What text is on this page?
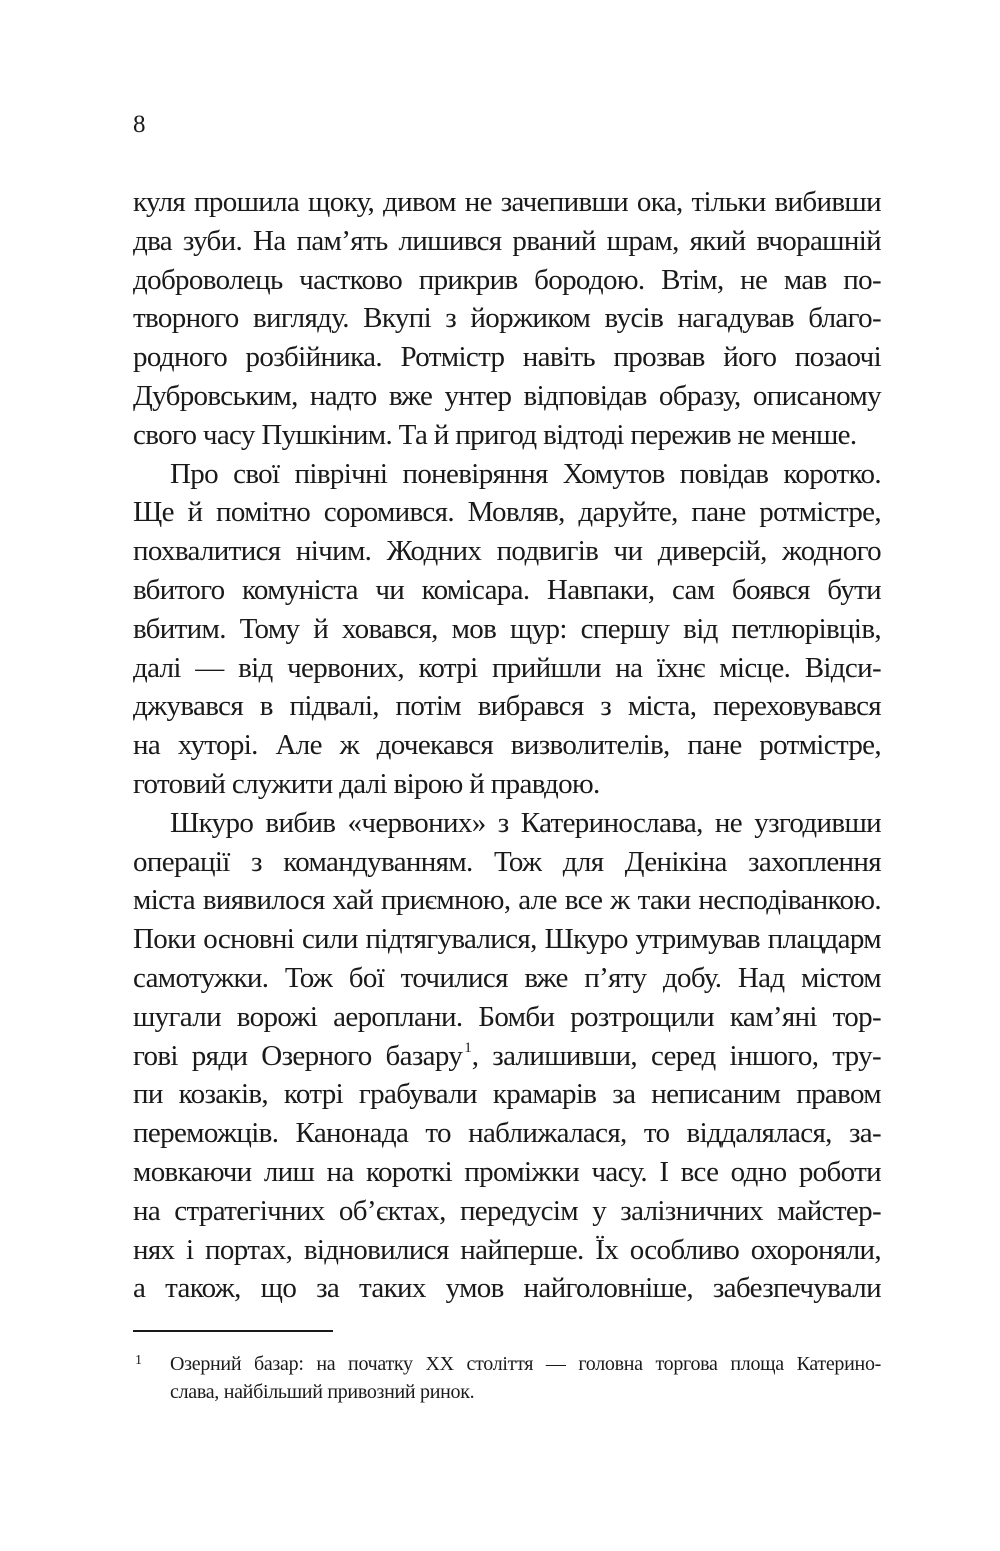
8
куля прошила щоку, дивом не зачепивши ока, тільки вибивши
два зуби. На пам’ять лишився рваний шрам, який вчорашній
доброволець частково прикрив бородою. Втім, не мав по-
творного вигляду. Вкупі з йоржиком вусів нагадував благо-
родного розбійника. Ротмістр навіть прозвав його позаочі
Дубровським, надто вже унтер відповідав образу, описаному
свого часу Пушкіним. Та й пригод відтоді пережив не менше.
Про свої піврічні поневіряння Хомутов повідав коротко.
Ще й помітно соромився. Мовляв, даруйте, пане ротмістре,
похвалитися нічим. Жодних подвигів чи диверсій, жодного
вбитого комуніста чи комісара. Навпаки, сам боявся бути
вбитим. Тому й ховався, мов щур: спершу від петлюрівців,
далі — від червоних, котрі прийшли на їхнє місце. Відси-
джувався в підвалі, потім вибрався з міста, переховувався
на хуторі. Але ж дочекався визволителів, пане ротмістре,
готовий служити далі вірою й правдою.
Шкуро вибив «червоних» з Катеринослава, не узгодивши
операції з командуванням. Тож для Денікіна захоплення
міста виявилося хай приємною, але все ж таки несподіванкою.
Поки основні сили підтягувалися, Шкуро утримував плацдарм
самотужки. Тож бої точилися вже п’яту добу. Над містом
шугали ворожі аероплани. Бомби розтрощили кам’яні тор-
гові ряди Озерного базару $^1$, залишивши, серед іншого, тру-
пи козаків, котрі грабували крамарів за неписаним правом
переможців. Канонада то наближалася, то віддалялася, за-
мовкаючи лиш на короткі проміжки часу. І все одно роботи
на стратегічних об’єктах, передусім у залізничних майстер-
нях і портах, відновилися найперше. Їх особливо охороняли,
а також, що за таких умов найголовніше, забезпечували
1 Озерний базар: на початку XX століття — головна торгова площа Катерино-
слава, найбільший привозний ринок.
